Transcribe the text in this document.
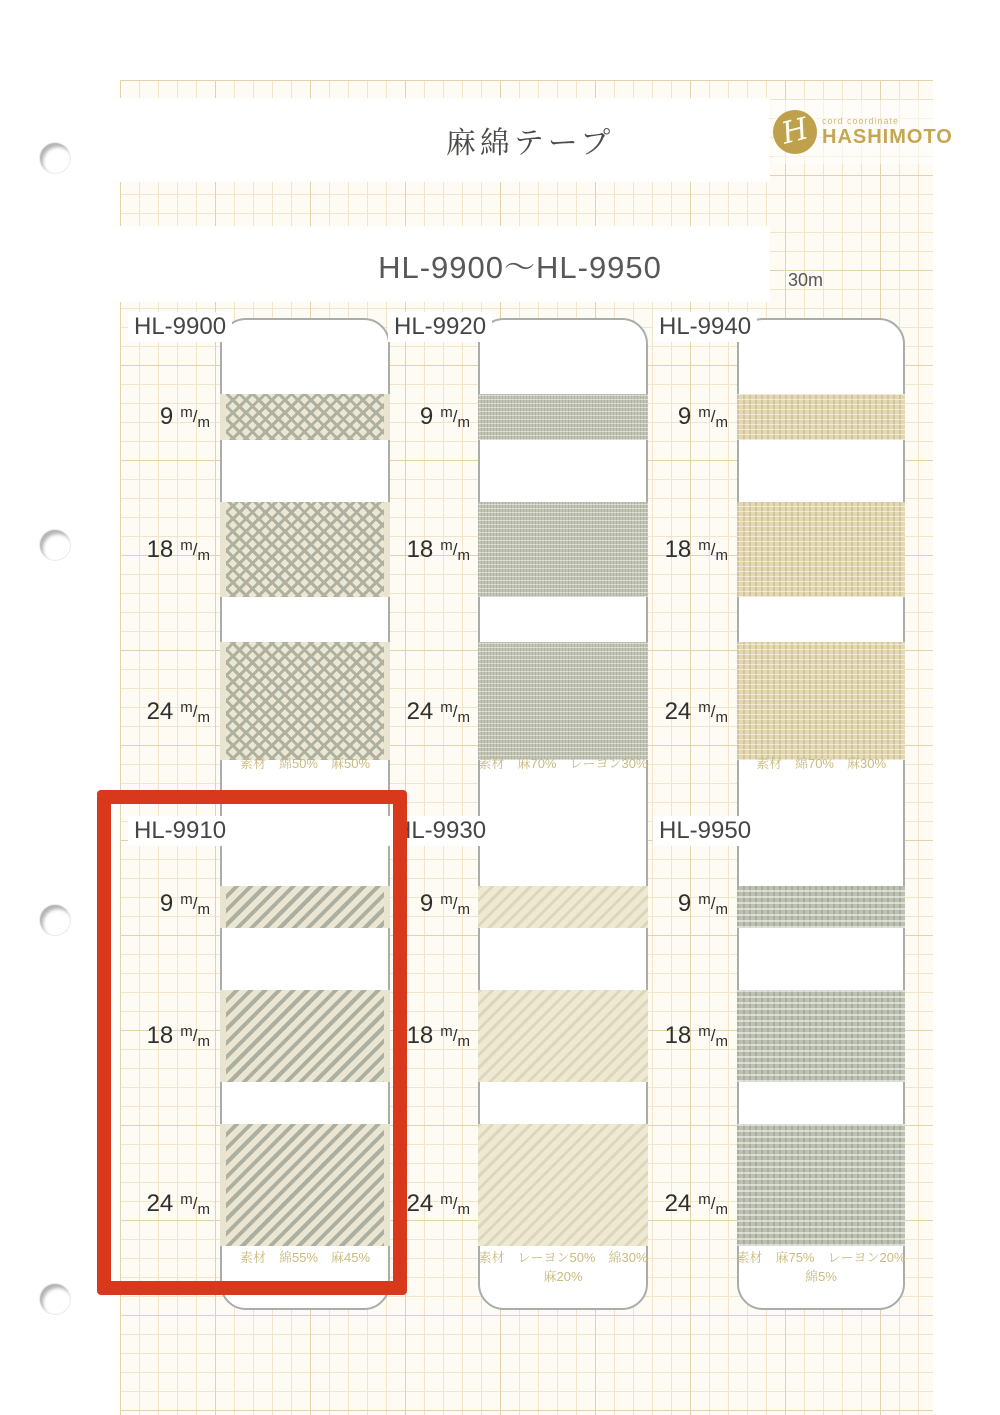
麻綿テープ	H cord coordinate
HASHIMOTO
HL-9900～HL-9950	30m
素材　綿50%　麻50%
素材　綿55%　麻45%
素材　麻70%　レーヨン30%
素材　レーヨン50%　綿30%
麻20%
素材　綿70%　麻30%
素材　麻75%　レーヨン20%
綿5%
HL-9900	HL-9920	HL-9940
HL-9910	HL-9930	HL-9950
9 $^m$/m
18 $^m$/m
24 $^m$/m
9 $^m$/m
18 $^m$/m
24 $^m$/m
9 $^m$/m
18 $^m$/m
24 $^m$/m
9 $^m$/m
18 $^m$/m
24 $^m$/m
9 $^m$/m
18 $^m$/m
24 $^m$/m
9 $^m$/m
18 $^m$/m
24 $^m$/m
